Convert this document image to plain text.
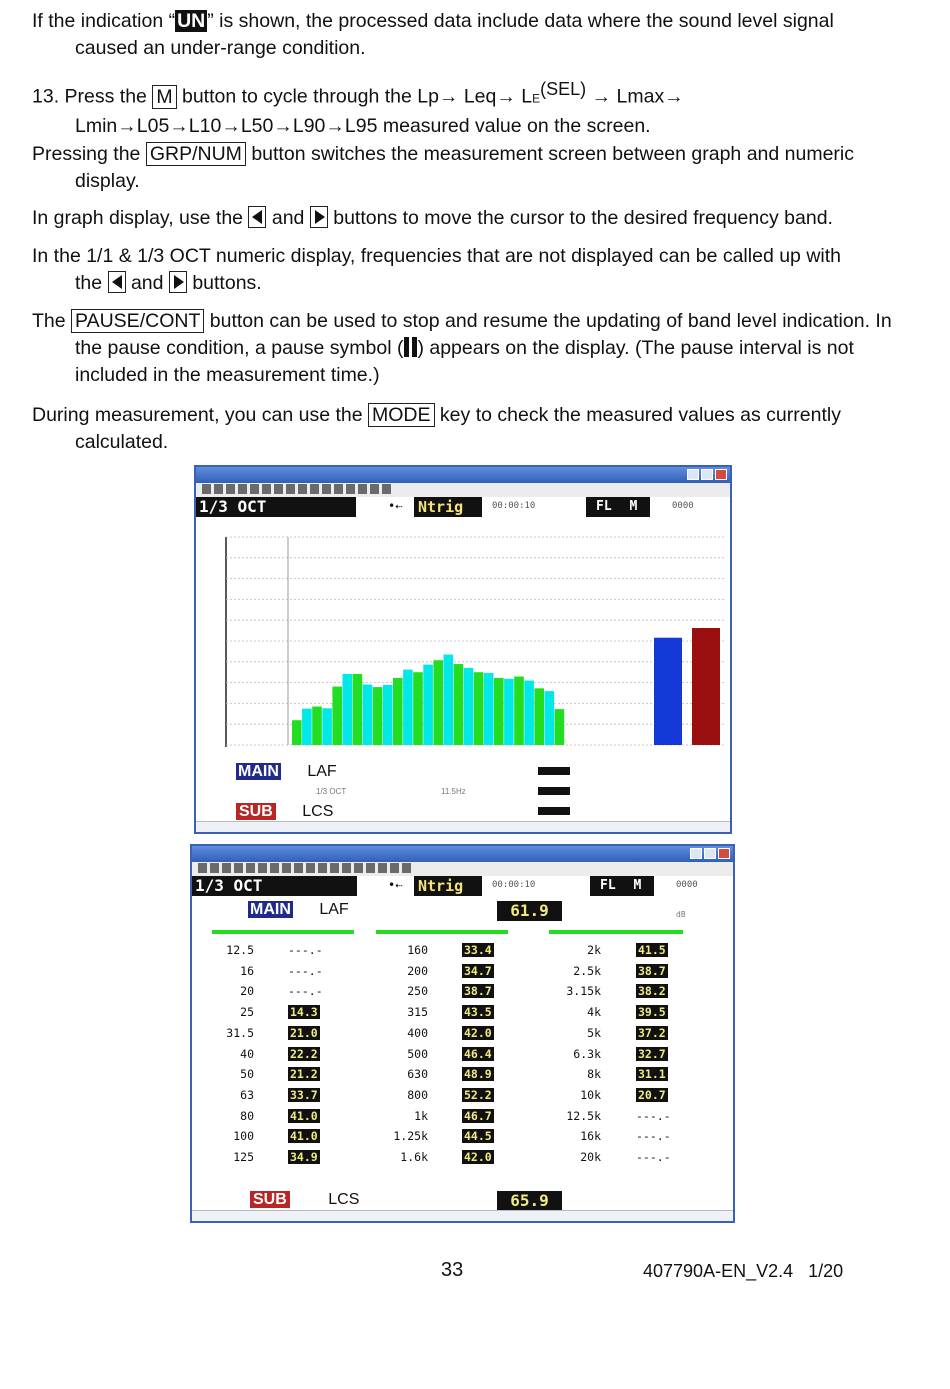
If the indication “ UN ” is shown, the processed data include data where the sound level signal
caused an under-range condition.
13. Press the M button to cycle through the $Lp\to Leq\to LE^{(SEL)} \to Lmax\to$
Lmin→L05→L10→L50→L90→L95 measured value on the screen.
Pressing the GRP/NUM button switches the measurement screen between graph and numeric
display.
In graph display, use the  and  buttons to move the cursor to the desired frequency band.
In the 1/1 & 1/3 OCT numeric display, frequencies that are not displayed can be called up with
the  and  buttons.
The PAUSE/CONT button can be used to stop and resume the updating of band level indication. In
the pause condition, a pause symbol ( ) appears on the display. (The pause interval is not
included in the measurement time.)
During measurement, you can use the MODE key to check the measured values as currently
calculated.
1/3 OCT	•⇠ Ntrig	00:00:10	FL M	0000
MAIN LAF
1/3 OCT	11.5Hz
SUB LCS
1/3 OCT	•⇠ Ntrig	00:00:10	FL M	0000
MAIN LAF	61.9	dB
12.5	---.-
16	---.-
20	---.-
25	14.3
31.5	21.0
40	22.2
50	21.2
63	33.7
80	41.0
100	41.0
125	34.9
160	33.4
200	34.7
250	38.7
315	43.5
400	42.0
500	46.4
630	48.9
800	52.2
1k	46.7
1.25k	44.5
1.6k	42.0
2k	41.5
2.5k	38.7
3.15k	38.2
4k	39.5
5k	37.2
6.3k	32.7
8k	31.1
10k	20.7
12.5k	---.-
16k	---.-
20k	---.-
SUB	LCS	65.9
33	407790A-EN_V2.4 1/20
